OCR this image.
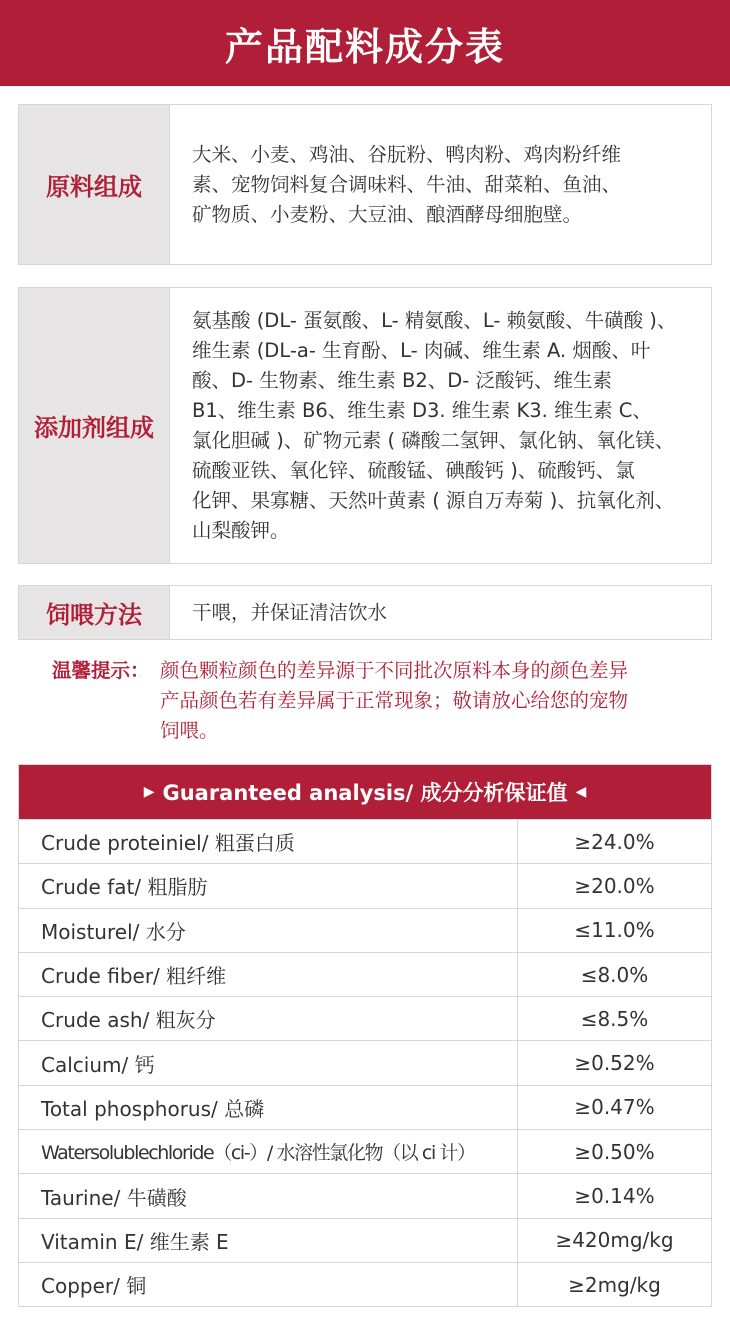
产品配料成分表
原料组成
大米、小麦、鸡油、谷朊粉、鸭肉粉、鸡肉粉纤维
素、宠物饲料复合调味料、牛油、甜菜粕、鱼油、
矿物质、小麦粉、大豆油、酿酒酵母细胞壁。
添加剂组成
氨基酸 (DL- 蛋氨酸、L- 精氨酸、L- 赖氨酸、牛磺酸 )、
维生素 (DL-a- 生育酚、L- 肉碱、维生素 A. 烟酸、叶
酸、D- 生物素、维生素 B2、D- 泛酸钙、维生素
B1、维生素 B6、维生素 D3. 维生素 K3. 维生素 C、
氯化胆碱 )、矿物元素 ( 磷酸二氢钾、氯化钠、氧化镁、
硫酸亚铁、氧化锌、硫酸锰、碘酸钙 )、硫酸钙、氯
化钾、果寡糖、天然叶黄素 ( 源自万寿菊 )、抗氧化剂、
山梨酸钾。
饲喂方法	干喂，并保证清洁饮水
温馨提示： 颜色颗粒颜色的差异源于不同批次原料本身的颜色差异
产品颜色若有差异属于正常现象；敬请放心给您的宠物
饲喂。
▶ Guaranteed analysis/ 成分分析保证值 ◀
Crude proteiniel/ 粗蛋白质	≥24.0%
Crude fat/ 粗脂肪	≥20.0%
Moisturel/ 水分	≤11.0%
Crude fiber/ 粗纤维	≤8.0%
Crude ash/ 粗灰分	≤8.5%
Calcium/ 钙	≥0.52%
Total phosphorus/ 总磷	≥0.47%
Watersolublechloride（ci-）/ 水溶性氯化物（以 ci 计）	≥0.50%
Taurine/ 牛磺酸	≥0.14%
Vitamin E/ 维生素 E	≥420mg/kg
Copper/ 铜	≥2mg/kg
